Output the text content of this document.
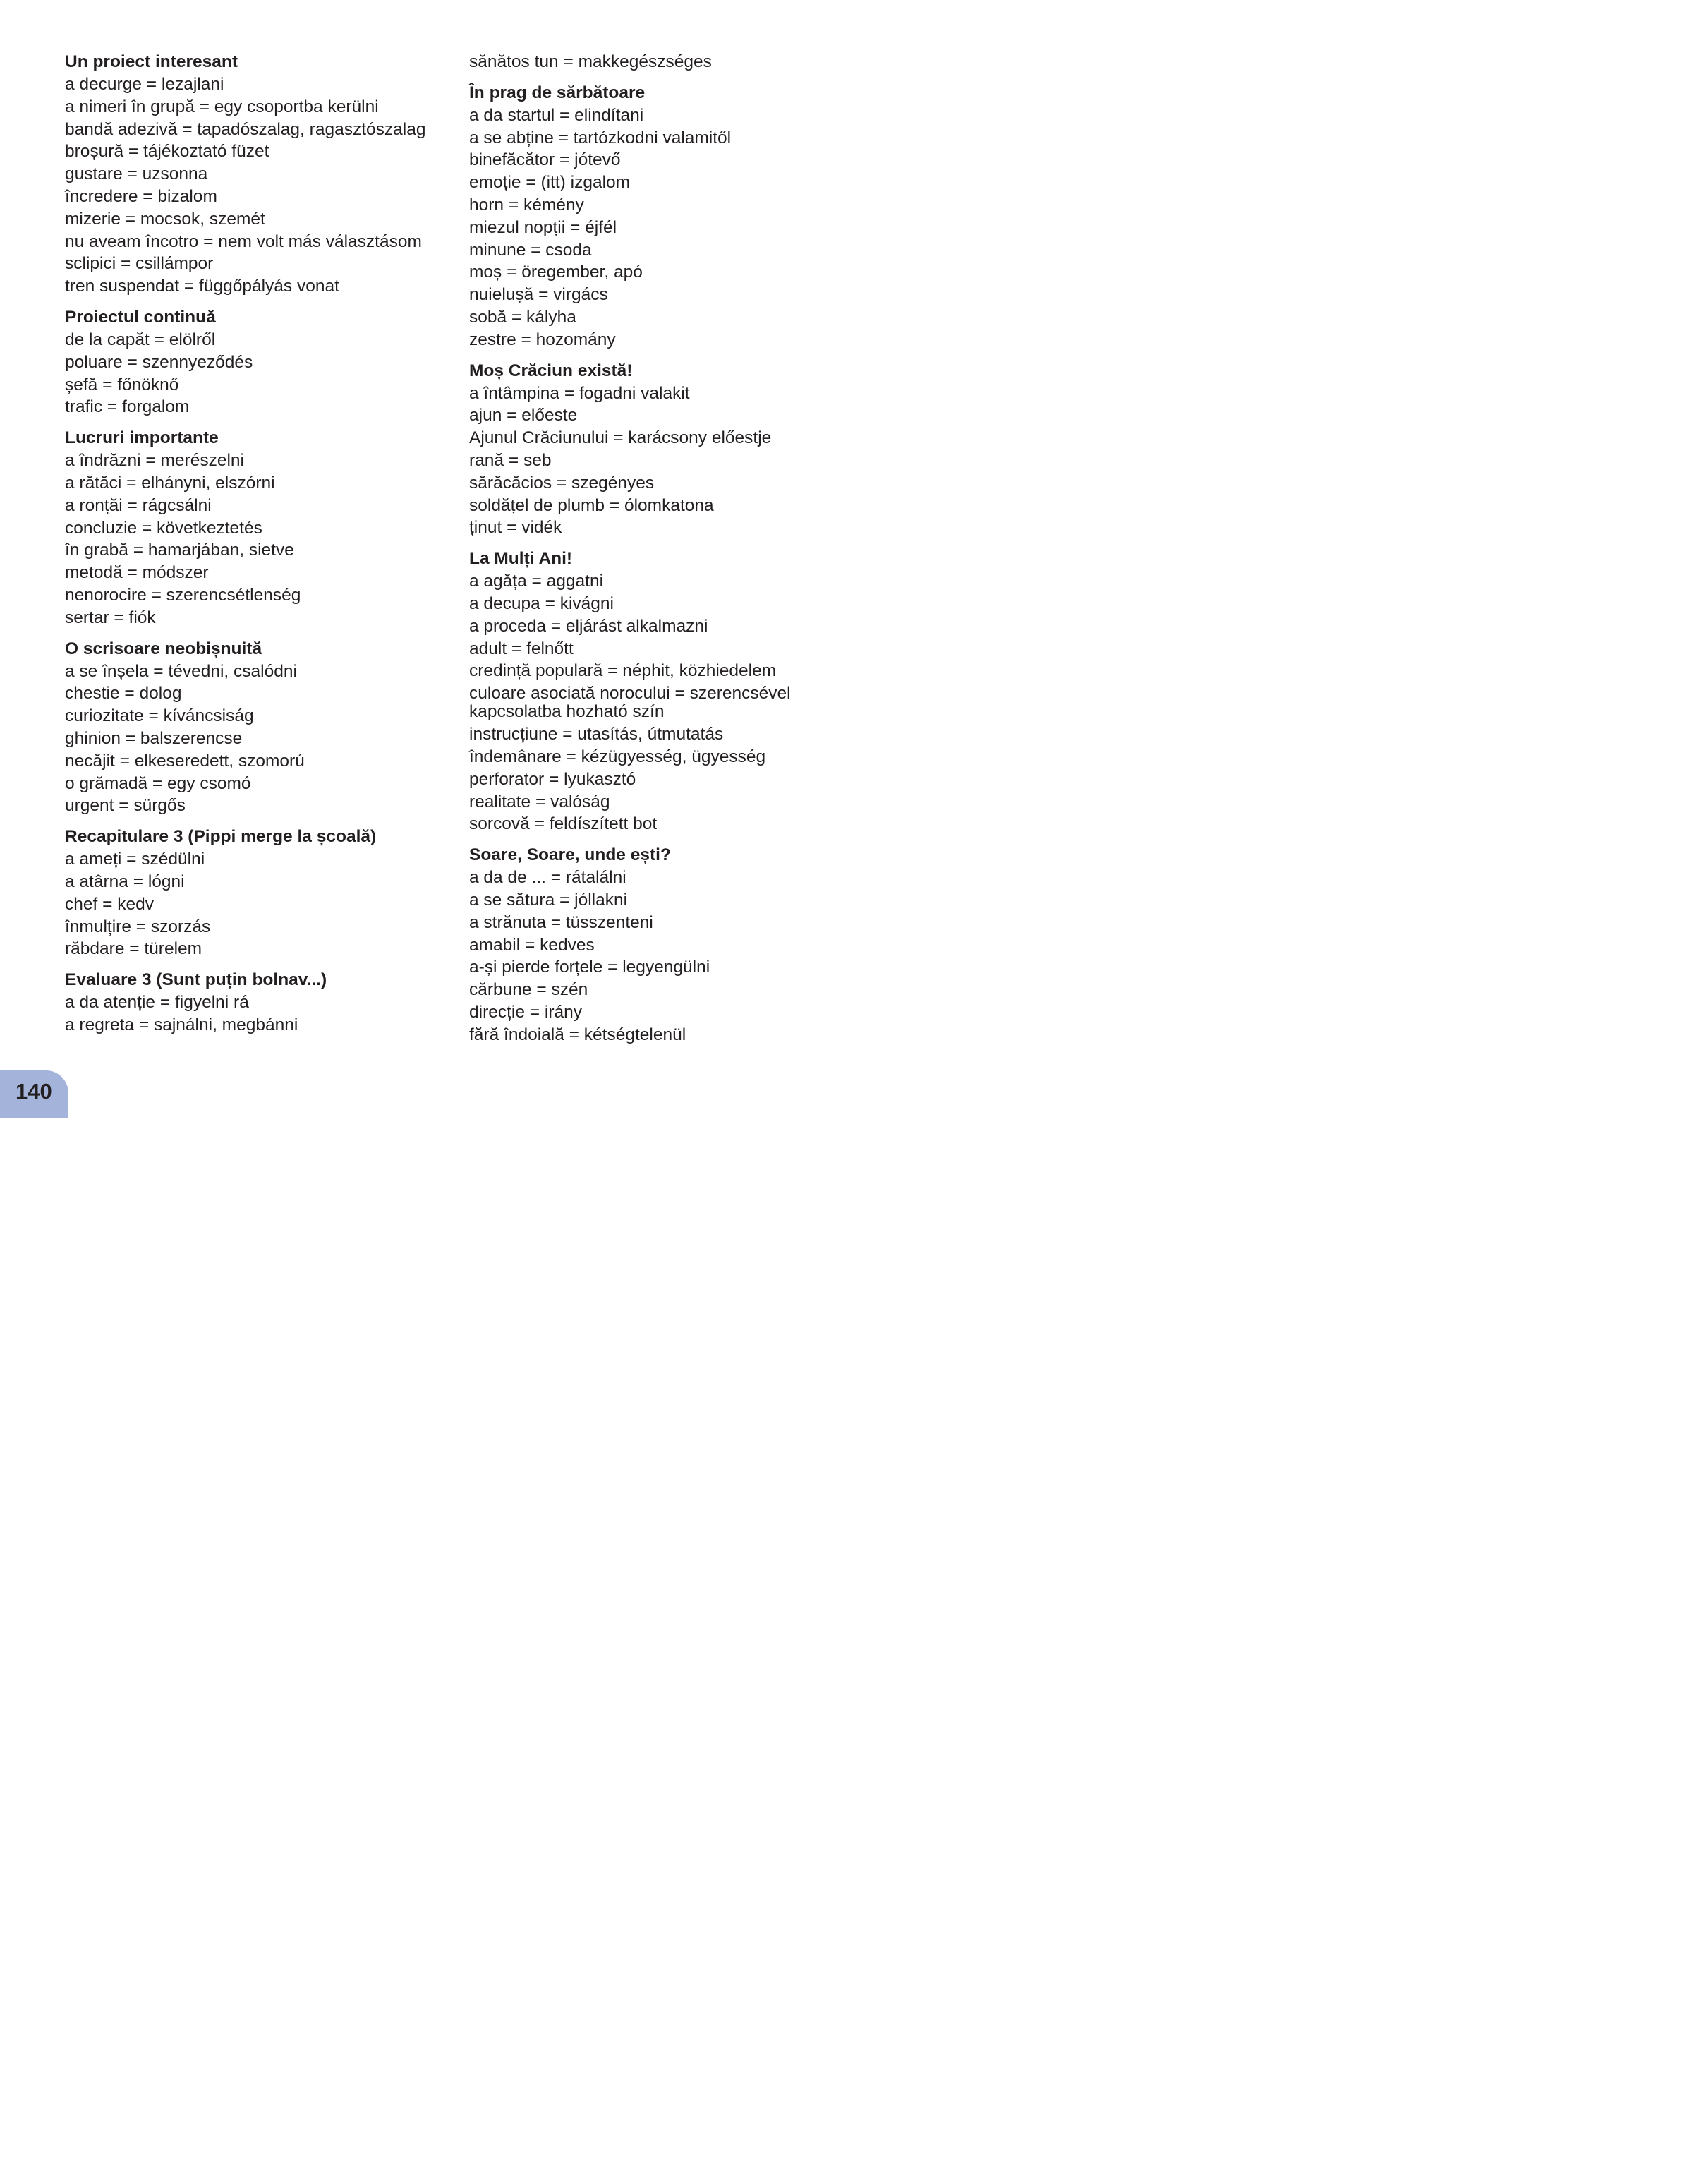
Un proiect interesant
a decurge = lezajlani
a nimeri în grupă = egy csoportba kerülni
bandă adezivă = tapadószalag, ragasztószalag
broșură = tájékoztató füzet
gustare = uzsonna
încredere = bizalom
mizerie = mocsok, szemét
nu aveam încotro = nem volt más választásom
sclipici = csillámpor
tren suspendat = függőpályás vonat
Proiectul continuă
de la capăt = elölről
poluare = szennyeződés
șefă = főnöknő
trafic = forgalom
Lucruri importante
a îndrăzni = merészelni
a rătăci = elhányni, elszórni
a ronțăi = rágcsálni
concluzie = következtetés
în grabă = hamarjában, sietve
metodă = módszer
nenorocire = szerencsétlenség
sertar = fiók
O scrisoare neobișnuită
a se înșela = tévedni, csalódni
chestie = dolog
curiozitate = kíváncsiság
ghinion = balszerencse
necăjit = elkeseredett, szomorú
o grămadă = egy csomó
urgent = sürgős
Recapitulare 3 (Pippi merge la școală)
a ameți = szédülni
a atârna = lógni
chef = kedv
înmulțire = szorzás
răbdare = türelem
Evaluare 3 (Sunt puțin bolnav...)
a da atenție = figyelni rá
a regreta = sajnálni, megbánni
sănătos tun = makkegészséges
În prag de sărbătoare
a da startul = elindítani
a se abține = tartózkodni valamitől
binefăcător = jótevő
emoție = (itt) izgalom
horn = kémény
miezul nopții = éjfél
minune = csoda
moș = öregember, apó
nuielușă = virgács
sobă = kályha
zestre = hozomány
Moș Crăciun există!
a întâmpina = fogadni valakit
ajun = előeste
Ajunul Crăciunului = karácsony előestje
rană = seb
sărăcăcios = szegényes
soldățel de plumb = ólomkatona
ținut = vidék
La Mulți Ani!
a agăța = aggatni
a decupa = kivágni
a proceda = eljárást alkalmazni
adult = felnőtt
credință populară = néphit, közhiedelem
culoare asociată norocului = szerencsével kapcsolatba hozható szín
instrucțiune = utasítás, útmutatás
îndemânare = kézügyesség, ügyesség
perforator = lyukasztó
realitate = valóság
sorcovă = feldíszített bot
Soare, Soare, unde ești?
a da de ... = rátalálni
a se sătura = jóllakni
a strănuta = tüsszenteni
amabil = kedves
a-și pierde forțele = legyengülni
cărbune = szén
direcție = irány
fără îndoială = kétségtelenül
140
